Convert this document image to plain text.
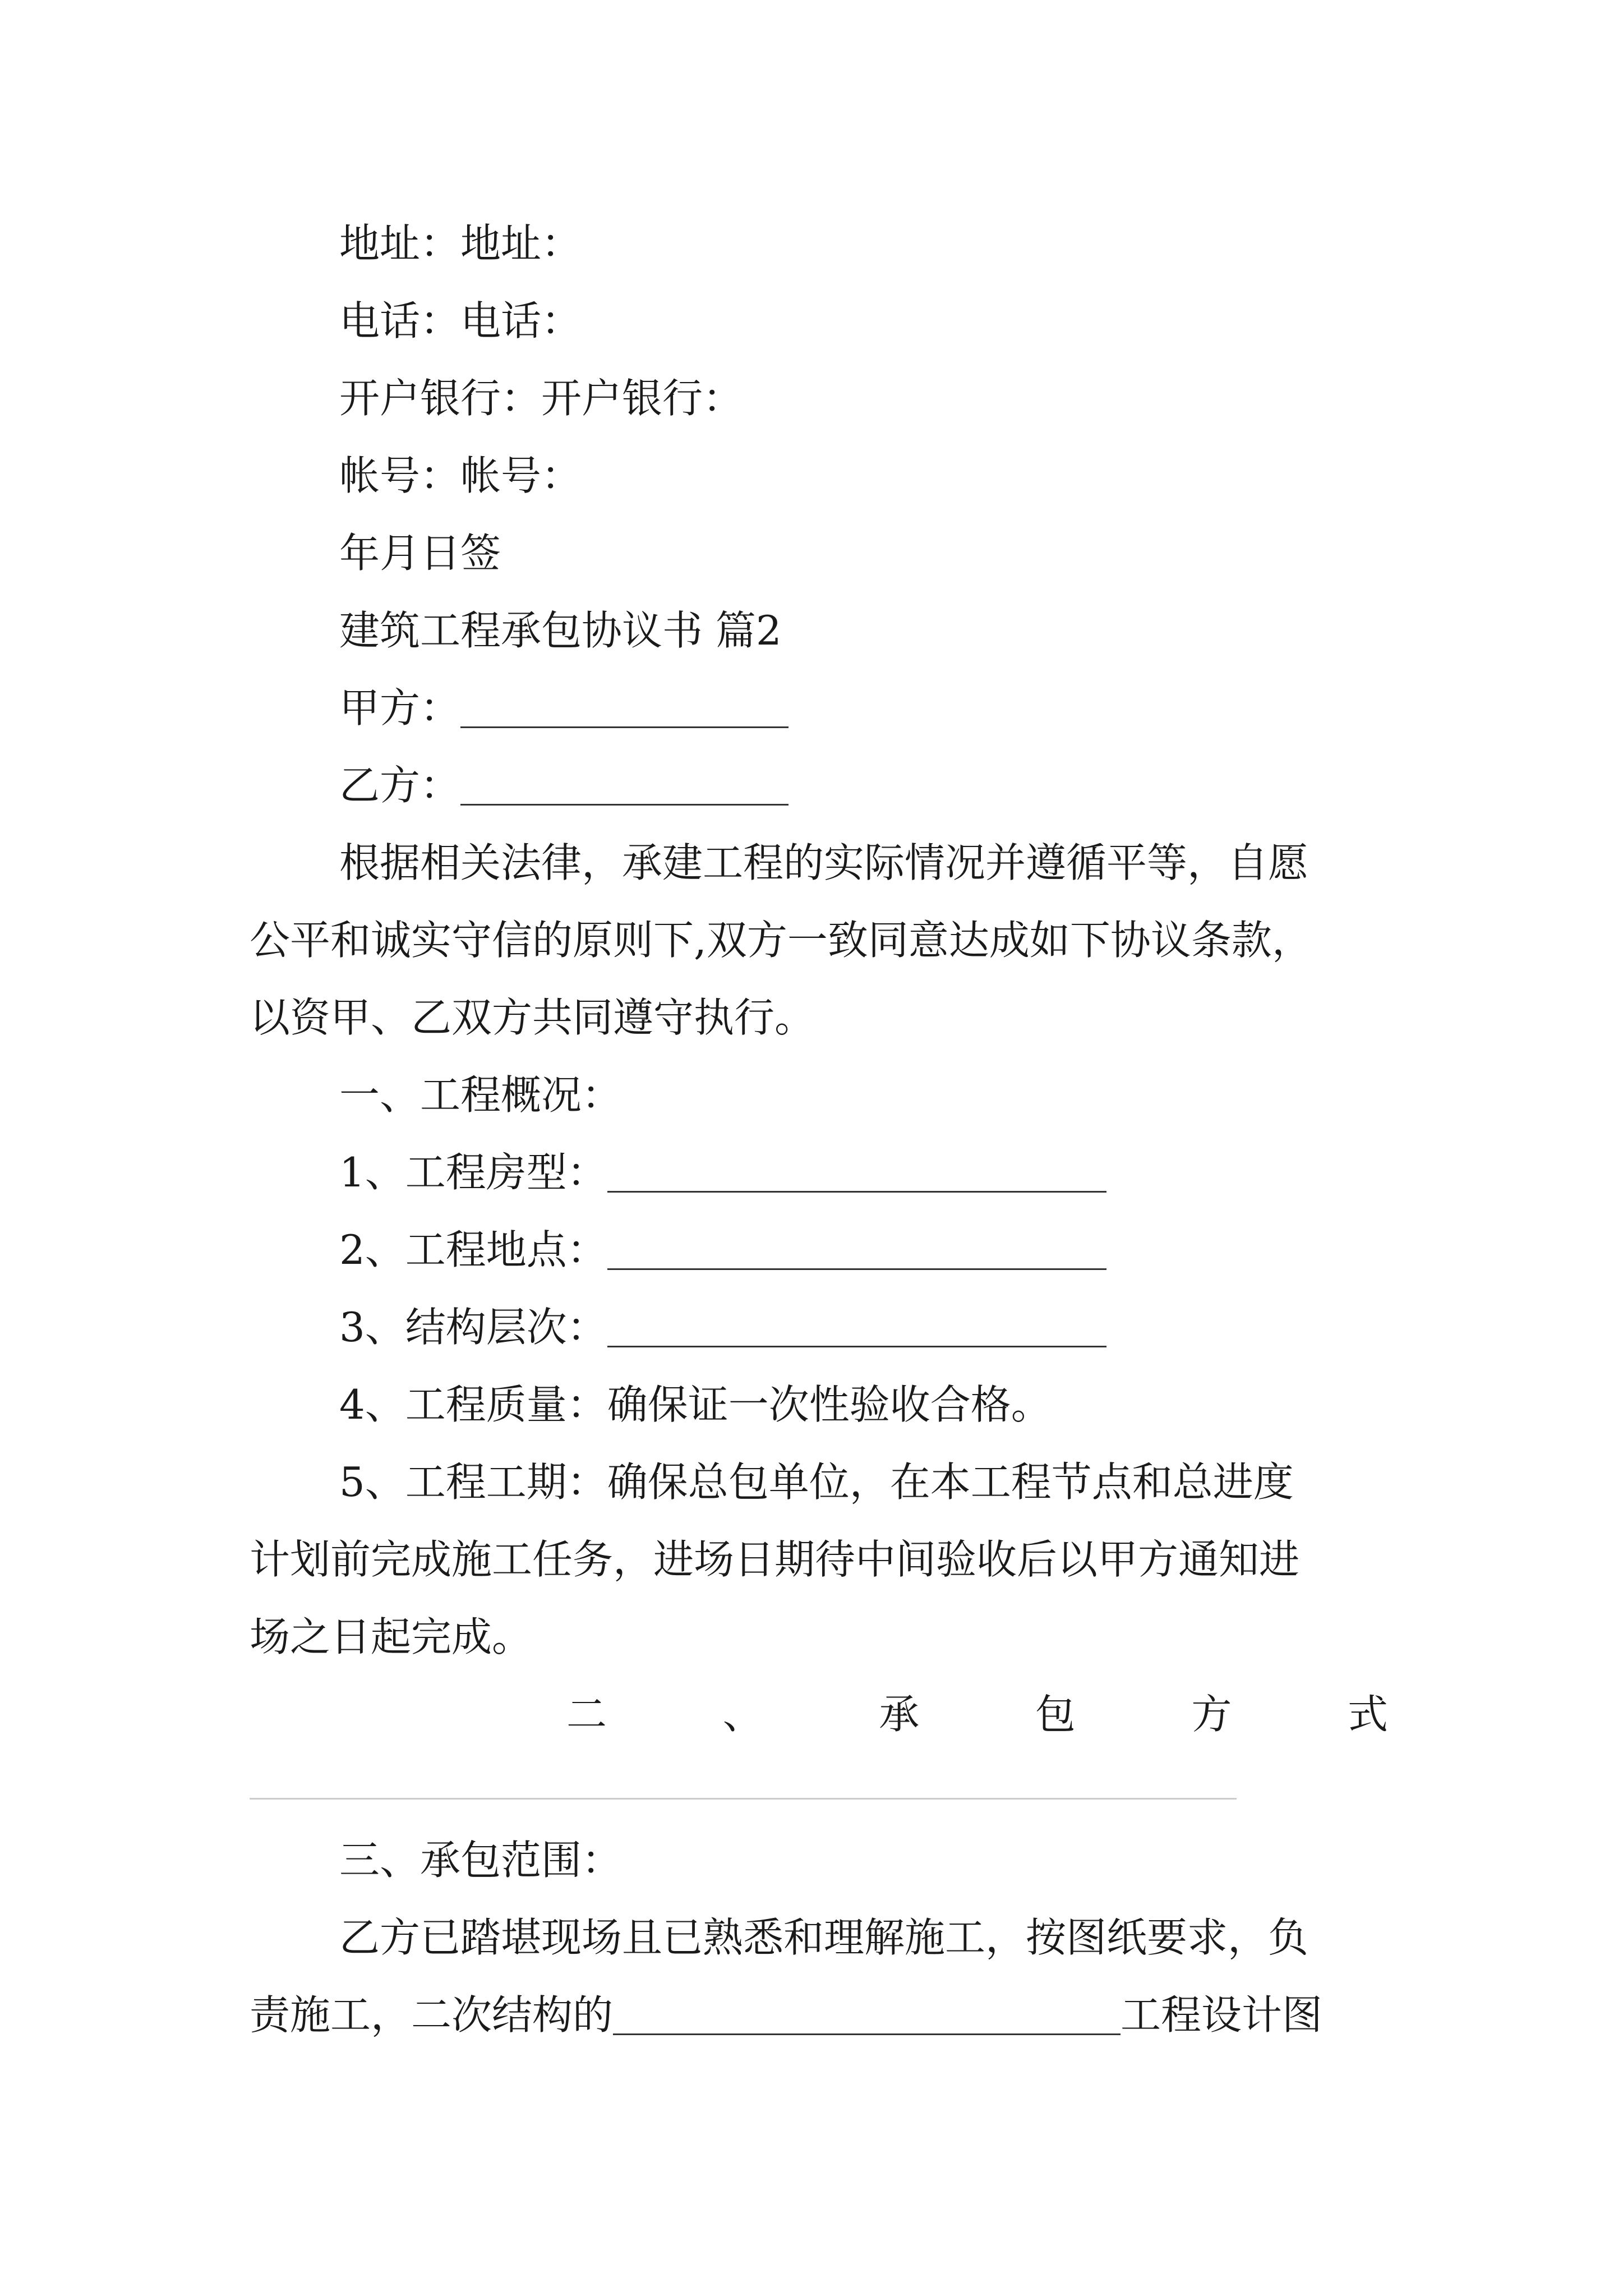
地址：地址：
电话：电话：
开户银行：开户银行：
帐号：帐号：
年月日签
建筑工程承包协议书 篇2
甲方：
乙方：
根据相关法律，承建工程的实际情况并遵循平等，自愿
公平和诚实守信的原则下,双方一致同意达成如下协议条款，
以资甲、乙双方共同遵守执行。
一、工程概况：
1、工程房型：
2、工程地点：
3、结构层次：
4、工程质量：确保证一次性验收合格。
5、工程工期：确保总包单位，在本工程节点和总进度
计划前完成施工任务，进场日期待中间验收后以甲方通知进
场之日起完成。
二	、	承	包	方	式
三、承包范围：
乙方已踏堪现场且已熟悉和理解施工，按图纸要求，负
责施工，二次结构的	工程设计图
